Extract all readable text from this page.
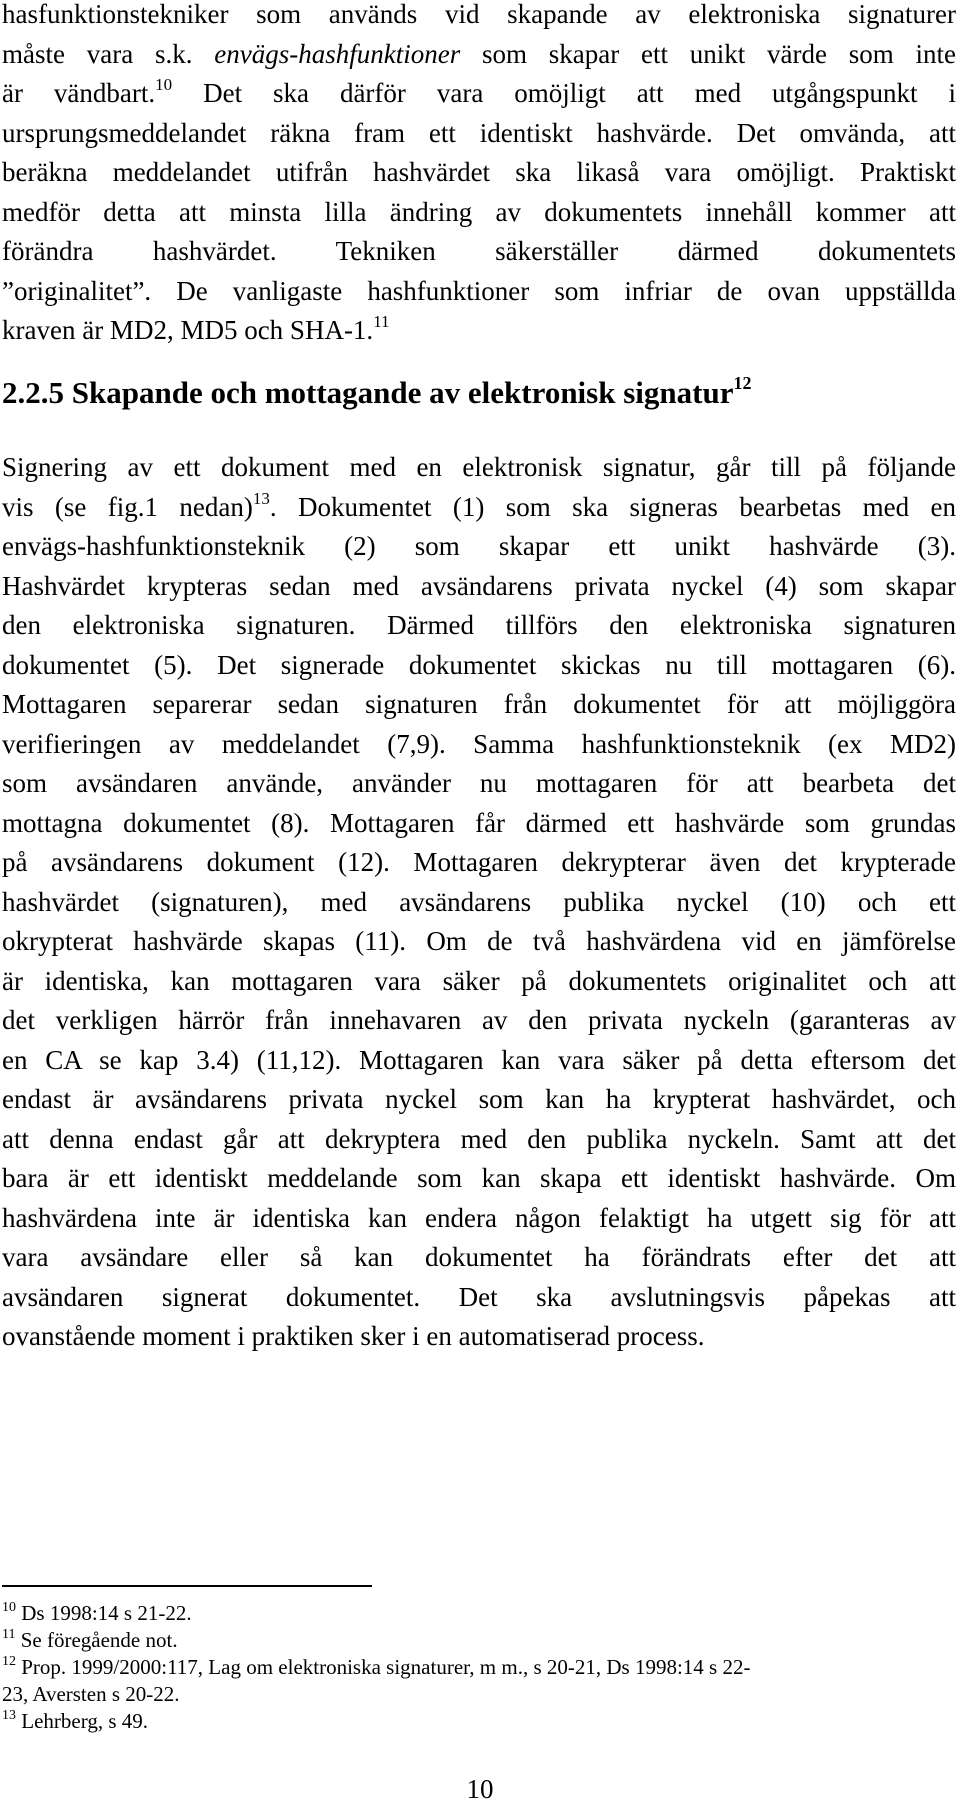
hasfunktionstekniker som används vid skapande av elektroniska signaturer
måste vara s.k. envägs-hashfunktioner som skapar ett unikt värde som inte
är vändbart.$^{10}$ Det ska därför vara omöjligt att med utgångspunkt i
ursprungsmeddelandet räkna fram ett identiskt hashvärde. Det omvända, att
beräkna meddelandet utifrån hashvärdet ska likaså vara omöjligt. Praktiskt
medför detta att minsta lilla ändring av dokumentets innehåll kommer att
förändra hashvärdet. Tekniken säkerställer därmed dokumentets
”originalitet”. De vanligaste hashfunktioner som infriar de ovan uppställda
kraven är MD2, MD5 och SHA-1.11

2.2.5 Skapande och mottagande av elektronisk signatur$^{12}$

Signering av ett dokument med en elektronisk signatur, går till på följande
vis (se fig.1 nedan)$^{13}$. Dokumentet (1) som ska signeras bearbetas med en
envägs-hashfunktionsteknik (2) som skapar ett unikt hashvärde (3).
Hashvärdet krypteras sedan med avsändarens privata nyckel (4) som skapar
den elektroniska signaturen. Därmed tillförs den elektroniska signaturen
dokumentet (5). Det signerade dokumentet skickas nu till mottagaren (6).
Mottagaren separerar sedan signaturen från dokumentet för att möjliggöra
verifieringen av meddelandet (7,9). Samma hashfunktionsteknik (ex MD2)
som avsändaren använde, använder nu mottagaren för att bearbeta det
mottagna dokumentet (8). Mottagaren får därmed ett hashvärde som grundas
på avsändarens dokument (12). Mottagaren dekrypterar även det krypterade
hashvärdet (signaturen), med avsändarens publika nyckel (10) och ett
okrypterat hashvärde skapas (11). Om de två hashvärdena vid en jämförelse
är identiska, kan mottagaren vara säker på dokumentets originalitet och att
det verkligen härrör från innehavaren av den privata nyckeln (garanteras av
en CA se kap 3.4) (11,12). Mottagaren kan vara säker på detta eftersom det
endast är avsändarens privata nyckel som kan ha krypterat hashvärdet, och
att denna endast går att dekryptera med den publika nyckeln. Samt att det
bara är ett identiskt meddelande som kan skapa ett identiskt hashvärde. Om
hashvärdena inte är identiska kan endera någon felaktigt ha utgett sig för att
vara avsändare eller så kan dokumentet ha förändrats efter det att
avsändaren signerat dokumentet. Det ska avslutningsvis påpekas att
ovanstående moment i praktiken sker i en automatiserad process.

$^{10}$ Ds 1998:14 s 21-22.
$^{11}$ Se föregående not.
$^{12}$ Prop. 1999/2000:117, Lag om elektroniska signaturer, m m., s 20-21, Ds 1998:14 s 22-
23, Aversten s 20-22.
$^{13}$ Lehrberg, s 49.
10
